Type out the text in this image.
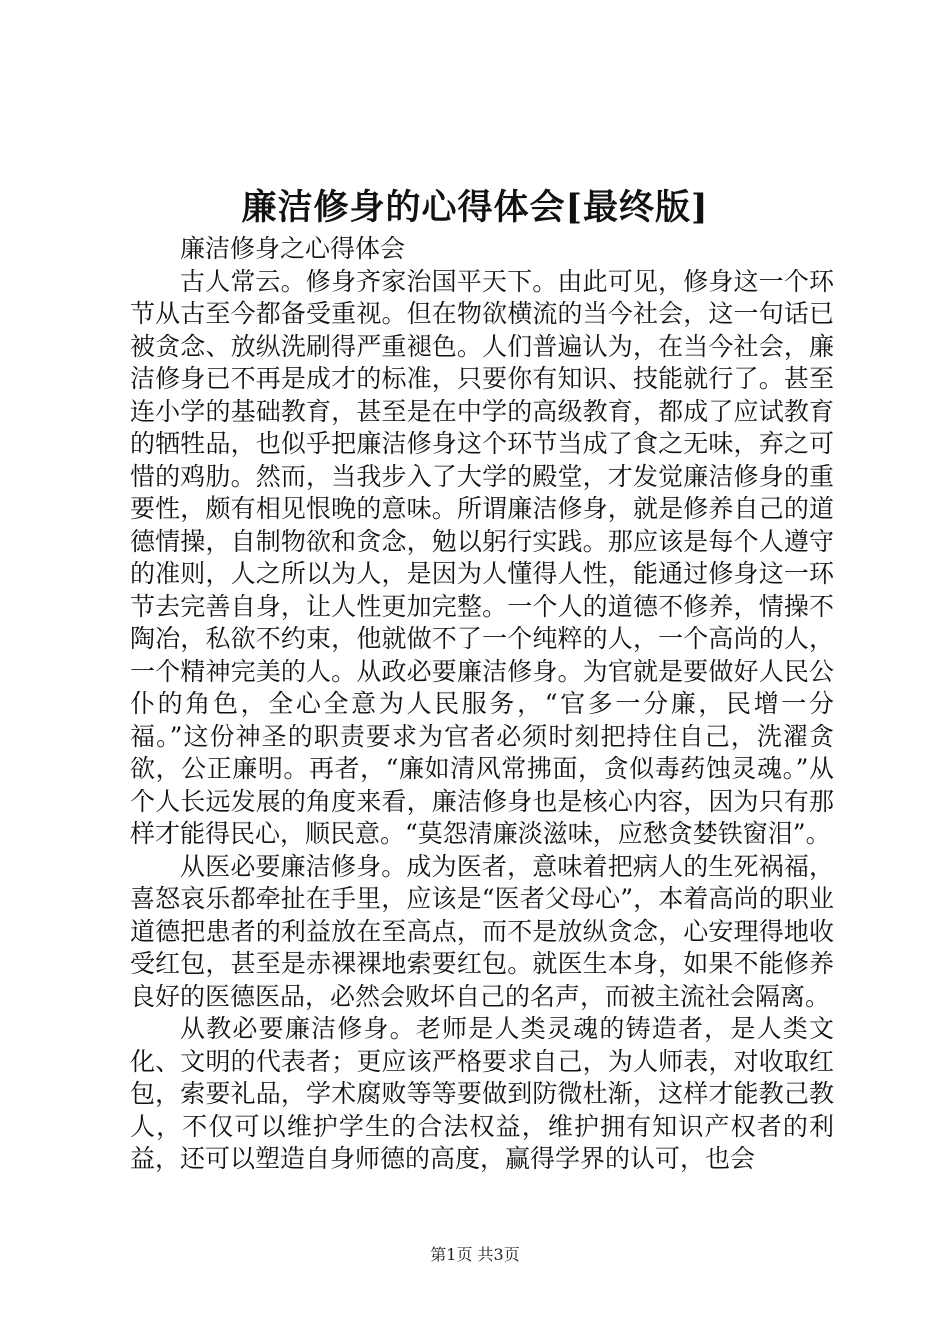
廉洁修身的心得体会[最终版]

廉洁修身之心得体会

古人常云。修身齐家治国平天下。由此可见，修身这一个环节从古至今都备受重视。但在物欲横流的当今社会，这一句话已被贪念、放纵洗刷得严重褪色。人们普遍认为，在当今社会，廉洁修身已不再是成才的标准，只要你有知识、技能就行了。甚至连小学的基础教育，甚至是在中学的高级教育，都成了应试教育的牺牲品，也似乎把廉洁修身这个环节当成了食之无味，弃之可惜的鸡肋。然而，当我步入了大学的殿堂，才发觉廉洁修身的重要性，颇有相见恨晚的意味。所谓廉洁修身，就是修养自己的道德情操，自制物欲和贪念，勉以躬行实践。那应该是每个人遵守的准则，人之所以为人，是因为人懂得人性，能通过修身这一环节去完善自身，让人性更加完整。一个人的道德不修养，情操不陶冶，私欲不约束，他就做不了一个纯粹的人，一个高尚的人，一个精神完美的人。从政必要廉洁修身。为官就是要做好人民公仆的角色，全心全意为人民服务，“官多一分廉，民增一分福。”这份神圣的职责要求为官者必须时刻把持住自己，洗濯贪欲，公正廉明。再者，“廉如清风常拂面，贪似毒药蚀灵魂。”从个人长远发展的角度来看，廉洁修身也是核心内容，因为只有那样才能得民心，顺民意。“莫怨清廉淡滋味，应愁贪婪铁窗泪”。

从医必要廉洁修身。成为医者，意味着把病人的生死祸福，喜怒哀乐都牵扯在手里，应该是“医者父母心”，本着高尚的职业道德把患者的利益放在至高点，而不是放纵贪念，心安理得地收受红包，甚至是赤裸裸地索要红包。就医生本身，如果不能修养良好的医德医品，必然会败坏自己的名声，而被主流社会隔离。

从教必要廉洁修身。老师是人类灵魂的铸造者，是人类文化、文明的代表者；更应该严格要求自己，为人师表，对收取红包，索要礼品，学术腐败等等要做到防微杜渐，这样才能教己教人，不仅可以维护学生的合法权益，维护拥有知识产权者的利益，还可以塑造自身师德的高度，赢得学界的认可，也会

第1页 共3页
